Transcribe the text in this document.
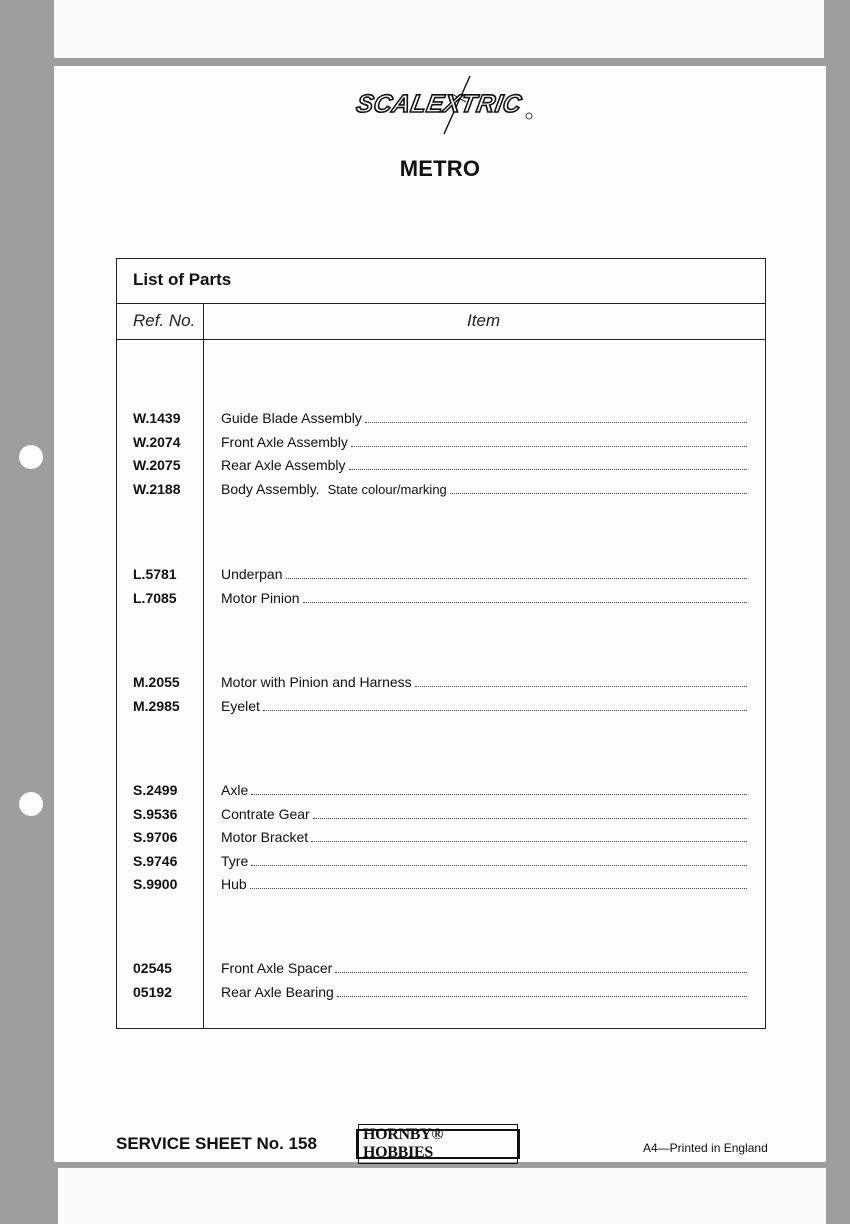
SCALEXTRIC
METRO
List of Parts
Ref. No.	Item
W.1439	Guide Blade Assembly
W.2074	Front Axle Assembly
W.2075	Rear Axle Assembly
W.2188	Body Assembly. State colour/marking
L.5781	Underpan
L.7085	Motor Pinion
M.2055	Motor with Pinion and Harness
M.2985	Eyelet
S.2499	Axle
S.9536	Contrate Gear
S.9706	Motor Bracket
S.9746	Tyre
S.9900	Hub
02545	Front Axle Spacer
05192	Rear Axle Bearing
SERVICE SHEET No. 158	HORNBY® HOBBIES	A4—Printed in England
